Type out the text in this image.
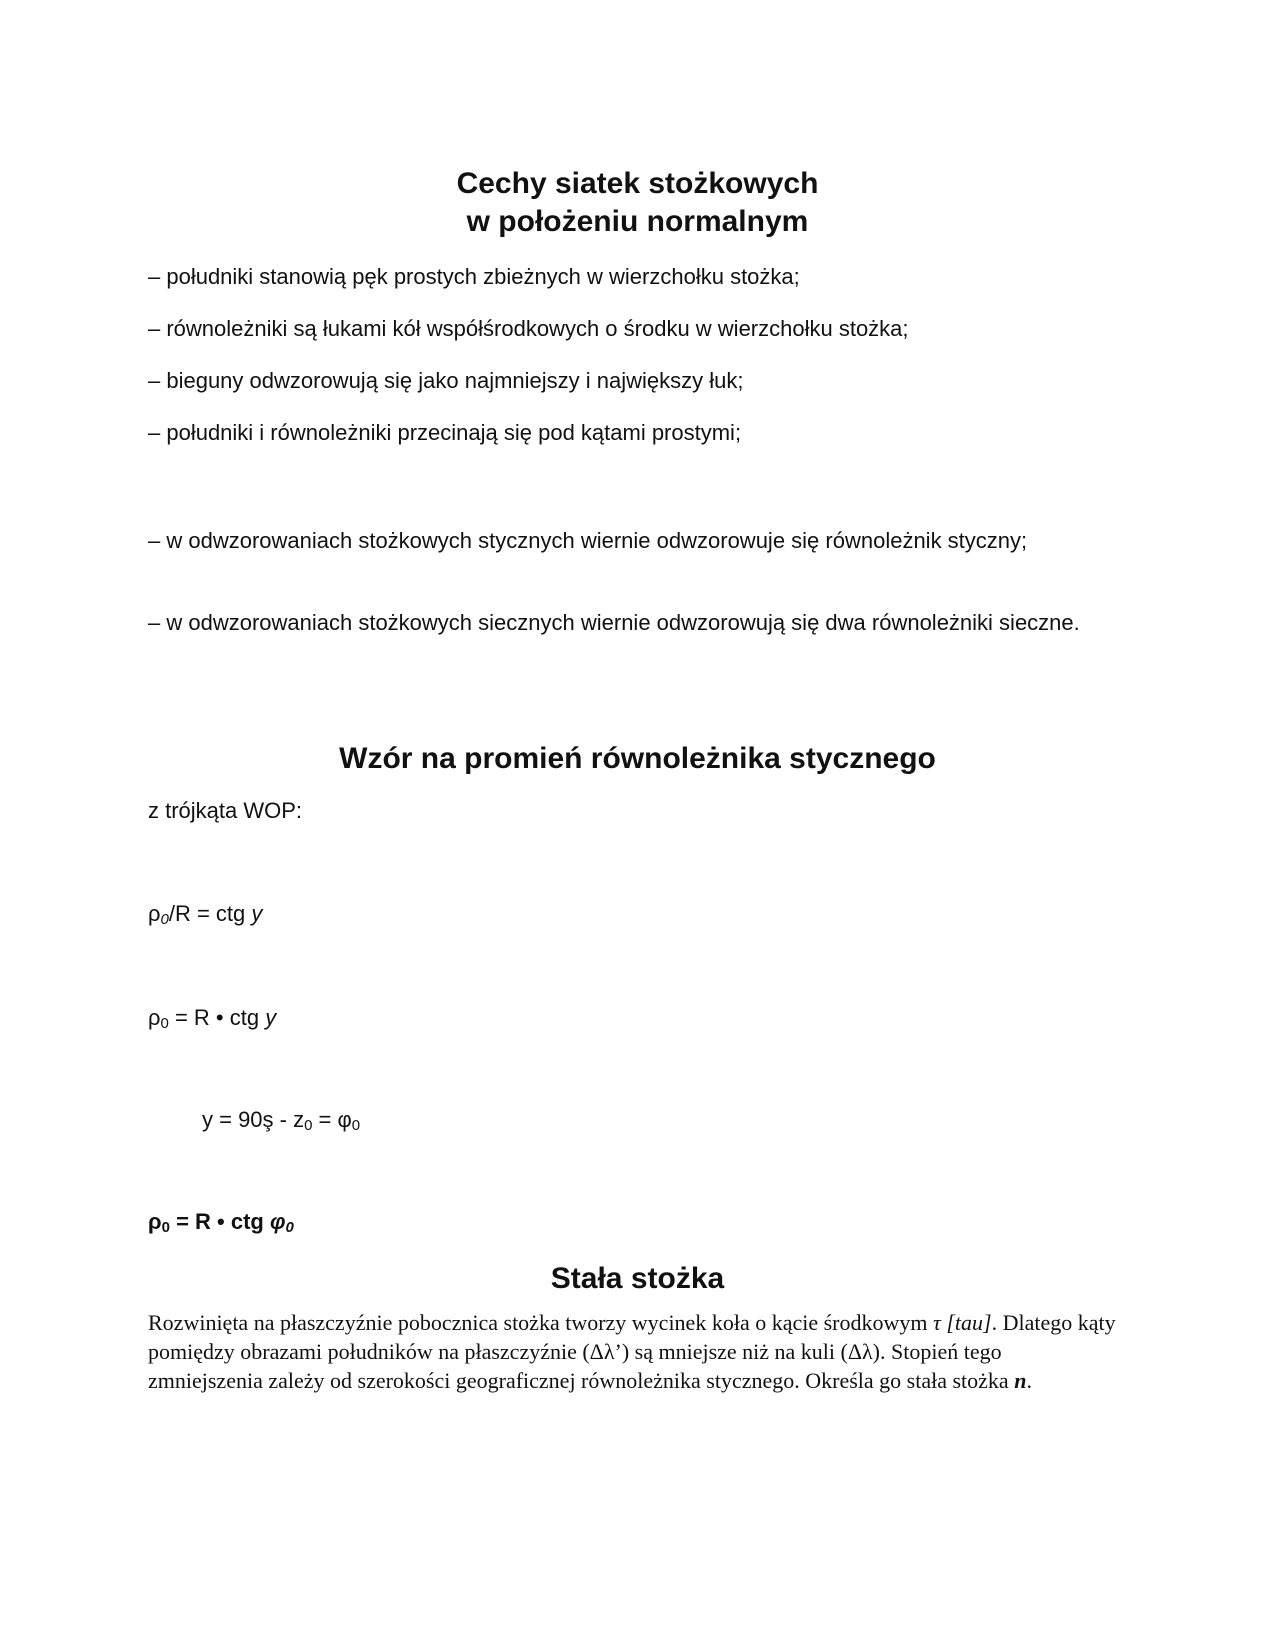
Cechy siatek stożkowych
w położeniu normalnym
– południki stanowią pęk prostych zbieżnych w wierzchołku stożka;
– równoleżniki są łukami kół współśrodkowych o środku w wierzchołku stożka;
– bieguny odwzorowują się jako najmniejszy i największy łuk;
– południki i równoleżniki przecinają się pod kątami prostymi;
– w odwzorowaniach stożkowych stycznych wiernie odwzorowuje się równoleżnik styczny;
– w odwzorowaniach stożkowych siecznych wiernie odwzorowują się dwa równoleżniki sieczne.
Wzór na promień równoleżnika stycznego
z trójkąta WOP:
$\rho_0/R$ = ctg y
$\rho_0 = R$ • ctg y
y = 90ş - $z_0 = \varphi_0$
$\rho_0 = R$ • ctg $\varphi_0$
Stała stożka
Rozwinięta na płaszczyźnie pobocznica stożka tworzy wycinek koła o kącie środkowym τ [tau]. Dlatego kąty pomiędzy obrazami południków na płaszczyźnie (Δλ’) są mniejsze niż na kuli (Δλ). Stopień tego zmniejszenia zależy od szerokości geograficznej równoleżnika stycznego. Określa go stała stożka n.
